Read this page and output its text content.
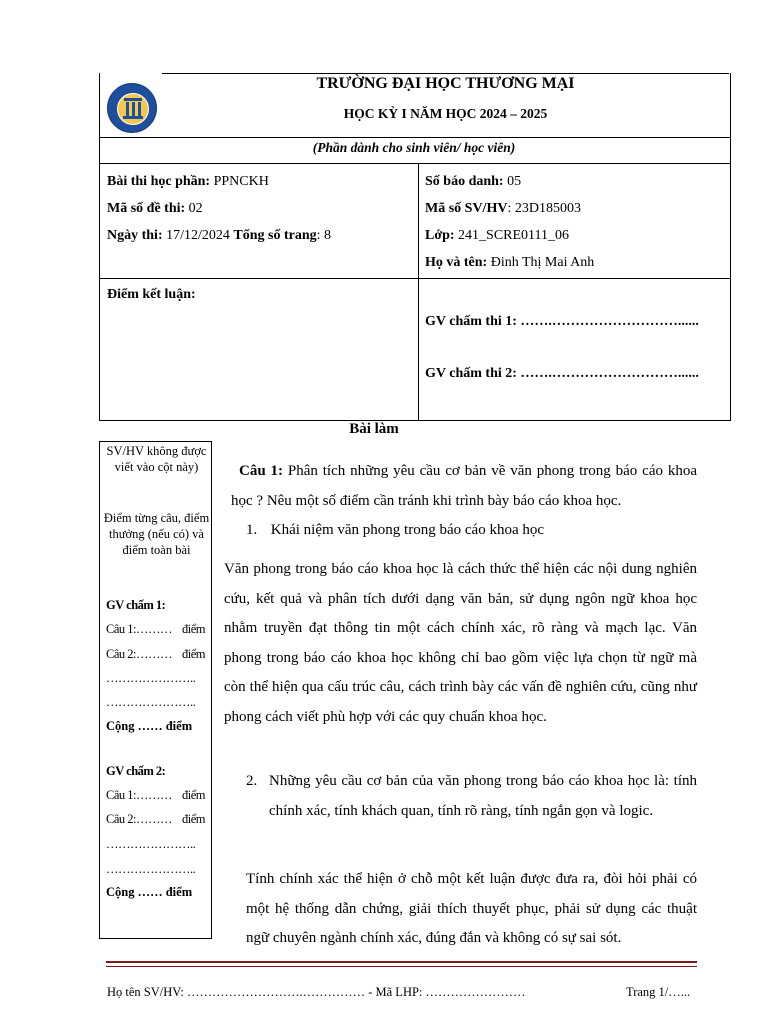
TRƯỜNG ĐẠI HỌC THƯƠNG MẠI
HỌC KỲ I NĂM HỌC 2024 – 2025
(Phần dành cho sinh viên/ học viên)
Bài thi học phần: PPNCKH
Mã số đề thi: 02
Ngày thi: 17/12/2024 Tổng số trang: 8
Số báo danh: 05
Mã số SV/HV: 23D185003
Lớp: 241_SCRE0111_06
Họ và tên: Đinh Thị Mai Anh
Điểm kết luận:
GV chấm thi 1: …….………………………......
GV chấm thi 2: …….………………………......
Bài làm
SV/HV không được viết vào cột này)
Điểm từng câu, điểm thưởng (nếu có) và điểm toàn bài
GV chấm 1:
Câu 1:……… điểm
Câu 2:……… điểm
…………………..
…………………..
Cộng …… điểm
GV chấm 2:
Câu 1:……… điểm
Câu 2:……… điểm
…………………..
…………………..
Cộng …… điểm
Câu 1: Phân tích những yêu cầu cơ bản về văn phong trong báo cáo khoa học ? Nêu một số điểm cần tránh khi trình bày báo cáo khoa học.
1. Khái niệm văn phong trong báo cáo khoa học
Văn phong trong báo cáo khoa học là cách thức thể hiện các nội dung nghiên cứu, kết quả và phân tích dưới dạng văn bản, sử dụng ngôn ngữ khoa học nhằm truyền đạt thông tin một cách chính xác, rõ ràng và mạch lạc. Văn phong trong báo cáo khoa học không chỉ bao gồm việc lựa chọn từ ngữ mà còn thể hiện qua cấu trúc câu, cách trình bày các vấn đề nghiên cứu, cũng như phong cách viết phù hợp với các quy chuẩn khoa học.
2. Những yêu cầu cơ bản của văn phong trong báo cáo khoa học là: tính chính xác, tính khách quan, tính rõ ràng, tính ngắn gọn và logic.
Tính chính xác thể hiện ở chỗ một kết luận được đưa ra, đòi hỏi phải có một hệ thống dẫn chứng, giải thích thuyết phục, phải sử dụng các thuật ngữ chuyên ngành chính xác, đúng đắn và không có sự sai sót.
Họ tên SV/HV: ……………………….…………… - Mã LHP: ……………………	Trang 1/…...
